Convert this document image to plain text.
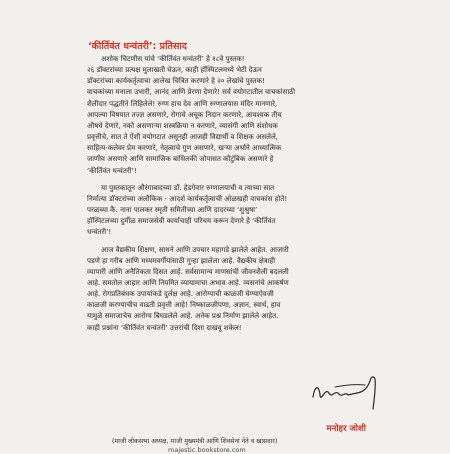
‘कीर्तिवंत धन्वंतरी’: प्रतिसाद

अशोक चिटणीस यांचे ‘कीर्तिवंत धन्वंतरी’ हे १८वे पुस्तक!
२६ डॉक्टरांच्या प्रत्यक्ष मुलाखती घेऊन, काही हॉस्पिटलमध्ये भेटी देऊन
डॉक्टरांच्या कार्यकर्तृत्वाचा आलेख चित्रित करणारे हे २० लेखांचे पुस्तक!
वाचकांच्या मनाला उभारी, आनंद आणि प्रेरणा देणारे! सर्व वयोगटातील वाचकांसाठी
शैलीदार पद्धतीने लिहिलेले! रुग्ण हाच देव आणि रुग्णालयास मंदिर मानणारे,
आपल्या विषयात तज्ज्ञ असणारे, रोगाचे अचूक निदान करणारे, आवश्यक तीच
औषधे देणारे, नको असणाऱ्या शस्त्रक्रिया न करणारे, व्यासंगी आणि संशोधक
प्रवृत्तीचे, सात ते ऐंशी वयोगटात असूनही आजही विद्यार्थी व शिक्षक असलेले,
साहित्य-कलेवर प्रेम करणारे, नेतृत्वाचे गुण असणारे, खऱ्या अर्थाने आध्यात्मिक
जाणीव असणारे आणि सामाजिक बांधिलकी जोपासत कौटुंबिक असणारे हे
‘कीर्तिवंत धन्वंतरी’!

या पुस्तकातून औरंगाबादच्या डॉ. हेडगेवार रुग्णालयाची व त्याच्या सात
निर्मात्या डॉक्टरांच्या अलौकिक - आदर्श कार्यकर्तृत्वाची ओळखही वाचकांस होते!
परळच्या कै. नाना पालकर स्मृती समितीच्या आणि दादरच्या ‘शुश्रुषा’
हॉस्पिटलच्या दुर्मीळ समाजसेवी कार्याचाही परिचय करून देणारे हे ‘कीर्तिवंत
धन्वंतरी’!

आज वैद्यकीय शिक्षण, साधने आणि उपचार महागडे झालेले आहेत. आजारी
पडणे हा गरीब आणि मध्यमवर्गीयांसाठी गुन्हा झालेला आहे. वैद्यकीय क्षेत्राही
व्यापारी आणि अनैतिकता दिसत आहे. सर्वसामान्य माणसांची जीवनशैली बदलली
आहे. समतोल आहार आणि नियमित व्यायामाचा अभाव आहे. व्यसनांचे आकर्षण
आहे. रोगप्रतिबंधक उपायांकडे दुर्लक्ष आहे. आरोग्याची काळजी घेण्याऐवजी
काळजी करण्याचीच वाढती प्रवृत्ती आहे! निष्काळजीपणा, अज्ञान, स्वार्थ, हाव
यामुळे समाजाचेच आरोग्य बिघडलेले आहे. अनेक प्रश्न निर्माण झालेले आहेत.
काही प्रश्नांना ‘कीर्तिवंत धन्वंतरी’ उत्तरांची दिशा दाखवू शकेल!

मनोहर जोशी
(माजी लोकसभा अध्यक्ष, माजी मुख्यमंत्री आणि शिवसेना नेते व खासदार)
majestic.bookstore.com
